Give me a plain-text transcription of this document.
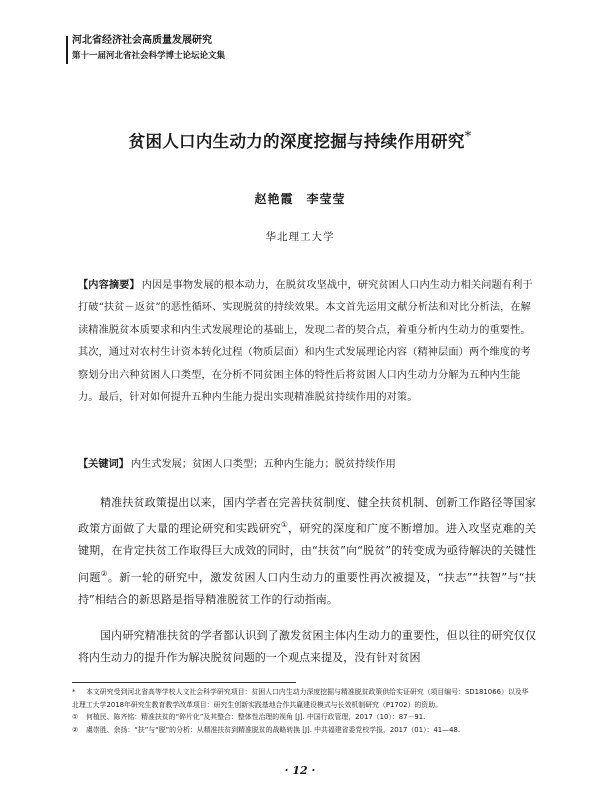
河北省经济社会高质量发展研究
第十一届河北省社会科学博士论坛论文集
贫困人口内生动力的深度挖掘与持续作用研究*
赵艳霞　李莹莹
华北理工大学
【内容摘要】 内因是事物发展的根本动力，在脱贫攻坚战中，研究贫困人口内生动力相关问题有利于打破“扶贫－返贫”的恶性循环、实现脱贫的持续效果。本文首先运用文献分析法和对比分析法，在解读精准脱贫本质要求和内生式发展理论的基础上，发现二者的契合点，着重分析内生动力的重要性。其次，通过对农村生计资本转化过程（物质层面）和内生式发展理论内容（精神层面）两个维度的考察划分出六种贫困人口类型，在分析不同贫困主体的特性后将贫困人口内生动力分解为五种内生能力。最后，针对如何提升五种内生能力提出实现精准脱贫持续作用的对策。
【关键词】 内生式发展；贫困人口类型；五种内生能力；脱贫持续作用

精准扶贫政策提出以来，国内学者在完善扶贫制度、健全扶贫机制、创新工作路径等国家政策方面做了大量的理论研究和实践研究①，研究的深度和广度不断增加。进入攻坚克难的关键期，在肯定扶贫工作取得巨大成效的同时，由“扶贫”向“脱贫”的转变成为亟待解决的关键性问题②。新一轮的研究中，激发贫困人口内生动力的重要性再次被提及，“扶志”“扶智”与“扶持”相结合的新思路是指导精准脱贫工作的行动指南。

国内研究精准扶贫的学者都认识到了激发贫困主体内生动力的重要性，但以往的研究仅仅将内生动力的提升作为解决脱贫问题的一个观点来提及，没有针对贫困

* 本文研究受到河北省高等学校人文社会科学研究项目：贫困人口内生动力深度挖掘与精准脱贫政策供给实证研究（项目编号：SD181066）以及华北理工大学2018年研究生教育教学改革项目：研究生创新实践基地合作共赢建设模式与长效机制研究（P1702）的资助。

① 何植民、陈齐铭：精准扶贫的“碎片化”及其整合：整体性治理的视角 [J]. 中国行政管理，2017（10）：87－91.

② 虞崇胜、余扬：“扶”与“脱”的分析：从精准扶贫到精准脱贫的战略转换 [J]. 中共福建省委党校学报，2017（01）：41—48.

· 12 ·
